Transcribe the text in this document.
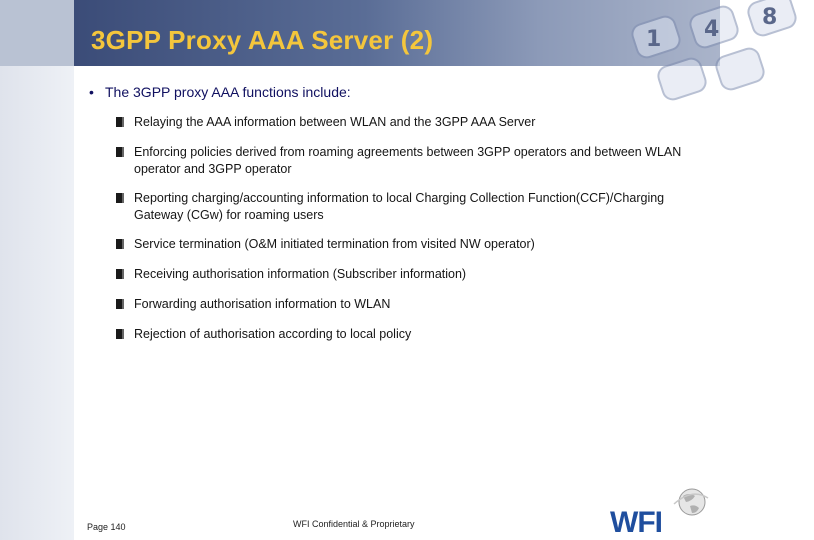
1 4 8
3GPP Proxy AAA Server (2)
• The 3GPP proxy AAA functions include:
Relaying the AAA information between WLAN and the 3GPP AAA Server
Enforcing policies derived from roaming agreements between 3GPP operators and between WLAN operator and 3GPP operator
Reporting charging/accounting information to local Charging Collection Function(CCF)/Charging Gateway (CGw) for roaming users
Service termination (O&M initiated termination from visited NW operator)
Receiving authorisation information (Subscriber information)
Forwarding authorisation information to WLAN
Rejection of authorisation according to local policy
Page 140	WFI Confidential & Proprietary	WFI
